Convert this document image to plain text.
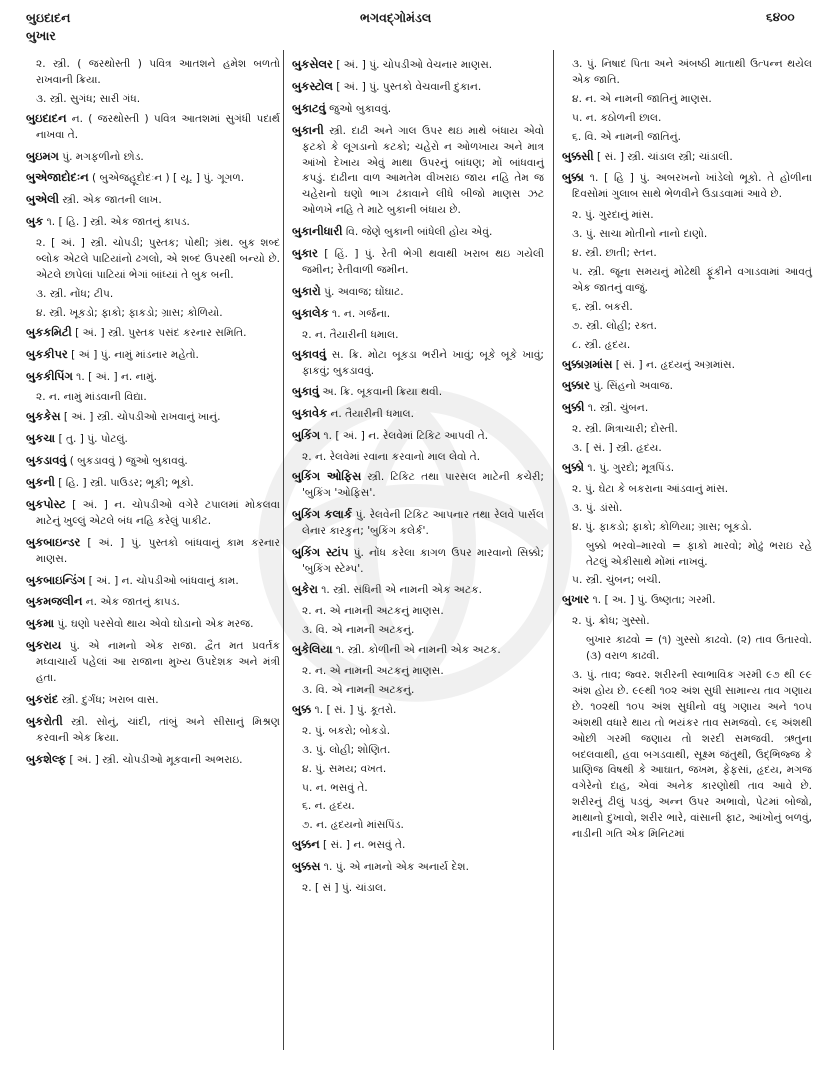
બુઇદાદન
બુખાર
ભગવદ્ગોમંડલ	૬૪૦૦

૨. સ્ત્રી. ( જરથોસ્તી ) પવિત્ર આતશને હમેશ બળતો રાખવાની ક્રિયા.

૩. સ્ત્રી. સુગંધ; સારી ગંધ.

બુઇદાદન ન. ( જરથોસ્તી ) પવિત્ર આતશમાં સુગંધી પદાર્થ નાખવા તે.

બુઇમગ પું. મગફળીનો છોડ.

બુએજાદોદઃન ( બુએજહૂદોદઃન ) [ યૂ. ] પું. ગૂગળ.

બુએલી સ્ત્રી. એક જાતની લાખ.

બુક ૧. [ હિ. ] સ્ત્રી. એક જાતનું કાપડ.

૨. [ અં. ] સ્ત્રી. ચોપડી; પુસ્તક; પોથી; ગ્રંથ. બુક શબ્દ બ્લોક એટલે પાટિયાંનો ઢગલો, એ શબ્દ ઉપરથી બન્યો છે. એટલે છાપેલાં પાટિયાં ભેગાં બાંધ્યાં તે બુક બની.

૩. સ્ત્રી. નોંધ; ટીપ.

૪. સ્ત્રી. ખૂકડો; ફાકો; ફાકડો; ગ્રાસ; કોળિયો.

બુકકમિટી [ અં. ] સ્ત્રી. પુસ્તક પસંદ કરનાર સમિતિ.

બુકકીપર [ અં ] પું. નામું માંડનાર મહેતો.

બુકકીપિંગ ૧. [ અં. ] ન. નામું.

૨. ન. નામું માંડવાની વિદ્યા.

બુકકેસ [ અં. ] સ્ત્રી. ચોપડીઓ રાખવાનું ખાનું.

બુકચા [ તુ. ] પું. પોટલું.

બુકડાવવું ( બુકડાવવું ) જુઓ બુકાવવું.

બુકની [ હિ. ] સ્ત્રી. પાઉડર; ભૂકી; ભૂકો.

બુકપોસ્ટ [ અં. ] ન. ચોપડીઓ વગેરે ટપાલમાં મોકલવા માટેનું ખુલ્લું એટલે બંધ નહિ કરેલું પાકીટ.

બુકબાઇન્ડર [ અં. ] પું. પુસ્તકો બાંધવાનું કામ કરનાર માણસ.

બુકબાઇન્ડિંગ [ અં. ] ન. ચોપડીઓ બાંધવાનું કામ.

બુકમજલીન ન. એક જાતનું કાપડ.

બુકમા પું. ઘણો પરસેવો થાય એવો ઘોડાનો એક મરજ.

બુકરાય પું. એ નામનો એક રાજા. દ્વૈત મત પ્રવર્તક મધ્વાચાર્ય પહેલાં આ રાજાના મુખ્ય ઉપદેશક અને મંત્રી હતા.

બુકરાંદ સ્ત્રી. દુર્ગંધ; ખરાબ વાસ.

બુકરોતી સ્ત્રી. સોનું, ચાંદી, તાંબું અને સીસાનું મિશ્રણ કરવાની એક ક્રિયા.

બુકશેલ્ફ [ અં. ] સ્ત્રી. ચોપડીઓ મૂકવાની અભરાઇ.

બુકસેલર [ અં. ] પું. ચોપડીઓ વેચનાર માણસ.

બુકસ્ટોલ [ અં. ] પું. પુસ્તકો વેચવાની દુકાન.

બુકાટવું જુઓ બુકાવવું.

બુકાની સ્ત્રી. દાઢી અને ગાલ ઉપર થઇ માથે બંધાય એવો ફટકો કે લૂગડાનો કટકો; ચહેરો ન ઓળખાય અને માત્ર આંખો દેખાય એવું માથા ઉપરનું બાંધણ; મોં બાંધવાનું કપડું. દાઢીના વાળ આમતેમ વીખરાઇ જાય નહિ તેમ જ ચહેરાનો ઘણો ભાગ ઢંકાવાને લીધે બીજો માણસ ઝટ ઓળખે નહિ તે માટે બુકાની બંધાય છે.

બુકાનીધારી વિ. જેણે બુકાની બાંધેલી હોય એવું.

બુકાર [ હિં. ] પું. રેતી ભેગી થવાથી ખરાબ થઇ ગયેલી જમીન; રેતીવાળી જમીન.

બુકારો પું. અવાજ; ઘોંઘાટ.

બુકાલેક ૧. ન. ગર્જના.

૨. ન. તૈયારીની ધમાલ.

બુકાવવું સ. ક્રિ. મોટા બૂકડા ભરીને ખાવું; બૂકે બૂકે ખાવું; ફાકવું; બુકડાવવું.

બુકાવું અ. ક્રિ. બૂકવાની ક્રિયા થવી.

બુકાવેક ન. તૈયારીની ધમાલ.

બુકિંગ ૧. [ અં. ] ન. રેલવેમાં ટિકિટ આપવી તે.

૨. ન. રેલવેમાં રવાના કરવાનો માલ લેવો તે.

બુકિંગ ઓફિસ સ્ત્રી. ટિકિટ તથા પારસલ માટેની કચેરી; 'બુકિંગ 'ઓફિસ'.

બુકિંગ કલાર્ક પું. રેલવેની ટિકિટ આપનાર તથા રેલવે પાર્સલ લેનાર કારકુન; 'બુકિંગ કલેર્ક'.

બુકિંગ સ્ટાંપ પું. નોંધ કરેલા કાગળ ઉપર મારવાનો સિક્કો; 'બુકિંગ સ્ટેમ્પ'.

બુકેરા ૧. સ્ત્રી. સંધિની એ નામની એક અટક.

૨. ન. એ નામની અટકનું માણસ.

૩. વિ. એ નામની અટકનું.

બુકેલિયા ૧. સ્ત્રી. કોળીની એ નામની એક અટક.

૨. ન. એ નામની અટકનું માણસ.

૩. વિ. એ નામની અટકનું.

બુક્ક ૧. [ સં. ] પું. કૂતરો.

૨. પું. બકરો; બોકડો.

૩. પું. લોહી; શોણિત.

૪. પું. સમય; વખત.

૫. ન. ભસવું તે.

૬. ન. હૃદય.

૭. ન. હૃદયનો માંસપિંડ.

બુક્કન [ સં. ] ન. ભસવું તે.

બુક્કસ ૧. પું. એ નામનો એક અનાર્ય દેશ.

૨. [ સં ] પું. ચાંડાલ.

૩. પું. નિષાદ પિતા અને અંબષ્ઠી માતાથી ઉત્પન્ન થયેલ એક જાતિ.

૪. ન. એ નામની જાતિનું માણસ.

૫. ન. કઠોળની છાલ.

૬. વિ. એ નામની જાતિનું.

બુક્કસી [ સં. ] સ્ત્રી. ચાંડાલ સ્ત્રી; ચાંડાલી.

બુક્કા ૧. [ હિ ] પું. અબરખનો ખાંડેલો ભૂકો. તે હોળીના દિવસોમાં ગુલાબ સાથે ભેળવીને ઉડાડવામાં આવે છે.

૨. પું. ગુરદાનું માંસ.

૩. પું. સાચા મોતીનો નાનો દાણો.

૪. સ્ત્રી. છાતી; સ્તન.

૫. સ્ત્રી. જૂના સમયનું મોઢેથી ફૂંકીને વગાડવામાં આવતું એક જાતનું વાજું.

૬. સ્ત્રી. બકરી.

૭. સ્ત્રી. લોહી; રક્ત.

૮. સ્ત્રી. હૃદય.

બુક્કાગ્રમાંસ [ સં. ] ન. હૃદયનું અગ્રમાંસ.

બુક્કાર પું. સિંહનો અવાજ.

બુક્કી ૧. સ્ત્રી. ચુંબન.

૨. સ્ત્રી. મિત્રાચારી; દોસ્તી.

૩. [ સં. ] સ્ત્રી. હૃદય.

બુક્કો ૧. પું. ગુરદો; મૂત્રપિંડ.

૨. પું. ઘેટા કે બકરાના આંડવાનું માંસ.

૩. પું. ડાંસો.

૪. પું. ફાકડો; ફાકો; કોળિયા; ગ્રાસ; બૂકડો.

બુક્કો ભરવો–મારવો = ફાકો મારવો; મોઢું ભરાઇ રહે તેટલું એકીસાથે મોંમાં નાખવું.

૫. સ્ત્રી. ચુંબન; બચી.

બુખાર ૧. [ અ. ] પું. ઉષ્ણતા; ગરમી.

૨. પું. ક્રોધ; ગુસ્સો.

બુખાર કાઢવો = (૧) ગુસ્સો કાઢવો. (૨) તાવ ઉતારવો. (૩) વરાળ કાઢવી.

૩. પું. તાવ; જ્વર. શરીરની સ્વાભાવિક ગરમી ૯૭ થી ૯૯ અંશ હોય છે. ૯૯થી ૧૦૨ અંશ સુધી સામાન્ય તાવ ગણાય છે. ૧૦૨થી ૧૦૫ અંશ સુધીનો વધુ ગણાય અને ૧૦૫ અંશથી વધારે થાય તો ભયંકર તાવ સમજવો. ૯૬ અંશથી ઓછી ગરમી જણાય તો શરદી સમજવી. ઋતુના બદલવાથી, હવા બગડવાથી, સૂક્ષ્મ જંતુથી, ઉદ્‌ભિજ્જ કે પ્રાણિજ વિષથી કે આઘાત, જખમ, ફેફસાં, હૃદય, મગજ વગેરેનો દાહ, એવાં અનેક કારણોથી તાવ આવે છે. શરીરનું ઢીલું પડવું, અન્ન ઉપર અભાવો, પેટમાં બોજો, માથાનો દુખાવો, શરીર ભારે, વાંસાની ફાટ, આંખોનું બળવું, નાડીની ગતિ એક મિનિટમાં
